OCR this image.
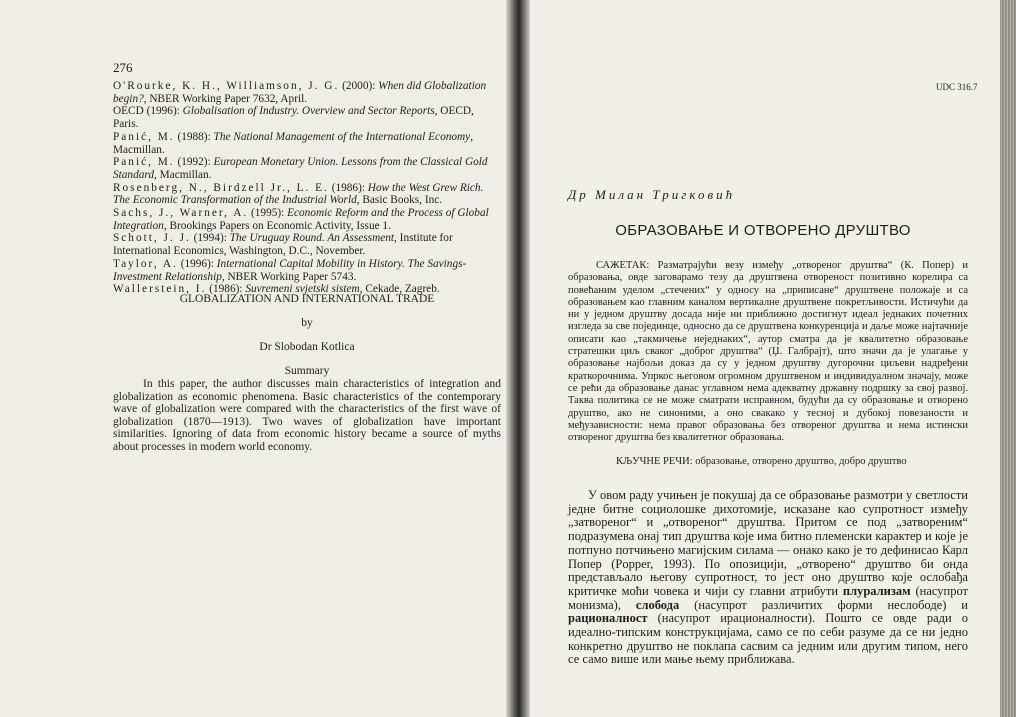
276
O'Rourke, K. H., Williamson, J. G. (2000): When did Globalization begin?, NBER Working Paper 7632, April.
OECD (1996): Globalisation of Industry. Overview and Sector Reports, OECD, Paris.
Panić, M. (1988): The National Management of the International Economy, Macmillan.
Panić, M. (1992): European Monetary Union. Lessons from the Classical Gold Standard, Macmillan.
Rosenberg, N., Birdzell Jr., L. E. (1986): How the West Grew Rich. The Economic Transformation of the Industrial World, Basic Books, Inc.
Sachs, J., Warner, A. (1995): Economic Reform and the Process of Global Integration, Brookings Papers on Economic Activity, Issue 1.
Schott, J. J. (1994): The Uruguay Round. An Assessment, Institute for International Economics, Washington, D.C., November.
Taylor, A. (1996): International Capital Mobility in History. The Savings-Investment Relationship, NBER Working Paper 5743.
Wallerstein, I. (1986): Suvremeni svjetski sistem, Cekade, Zagreb.
GLOBALIZATION AND INTERNATIONAL TRADE
by
Dr Slobodan Kotlica
Summary
In this paper, the author discusses main characteristics of integration and globalization as economic phenomena. Basic characteristics of the contemporary wave of globalization were compared with the characteristics of the first wave of globalization (1870—1913). Two waves of globalization have important similarities. Ignoring of data from economic history became a source of myths about processes in modern world economy.
UDC 316.7
Др Милан Тригковић
ОБРАЗОВАЊЕ И ОТВОРЕНО ДРУШТВО
САЖЕТАК: Разматрајући везу између „отвореног друштва“ (К. Попер) и образовања, овде заговарамо тезу да друштвена отвореност позитивно корелира са повећаним уделом „стечених“ у односу на „приписане“ друштвене положаје и са образовањем као главним каналом вертикалне друштвене покретљивости. Истичући да ни у једном друштву досада није ни приближно достигнут идеал једнаких почетних изгледа за све појединце, односно да се друштвена конкуренција и даље може најтачније описати као „такмичење неједнаких“, аутор сматра да је квалитетно образовање стратешки циљ сваког „доброг друштва“ (Џ. Галбрајт), што значи да је улагање у образовање најбољи доказ да су у једном друштву дугорочни циљеви надређени краткорочнима. Упркос његовом огромном друштвеном и индивидуалном значају, може се рећи да образовање данас углавном нема адекватну државну подршку за свој развој. Таква политика се не може сматрати исправном, будући да су образовање и отворено друштво, ако не синоними, а оно свакако у тесној и дубокој повезаности и међузависности: нема правог образовања без отвореног друштва и нема истински отвореног друштва без квалитетног образовања.
КЉУЧНЕ РЕЧИ: образовање, отворено друштво, добро друштво
У овом раду учињен је покушај да се образовање размотри у светлости једне битне социолошке дихотомије, исказане као супротност између „затвореног“ и „отвореног“ друштва. Притом се под „затвореним“ подразумева онај тип друштва које има битно племенски карактер и које је потпуно потчињено магијским силама — онако како је то дефинисао Карл Попер (Popper, 1993). По опозицији, „отворено“ друштво би онда представљало његову супротност, то јест оно друштво које ослобађа критичке моћи човека и чији су главни атрибути плурализам (насупрот монизма), слобода (насупрот различитих форми неслободе) и рационалност (насупрот ирационалности). Пошто се овде ради о идеално-типским конструкцијама, само се по себи разуме да се ни једно конкретно друштво не поклапа сасвим са једним или другим типом, него се само више или мање њему приближава.
